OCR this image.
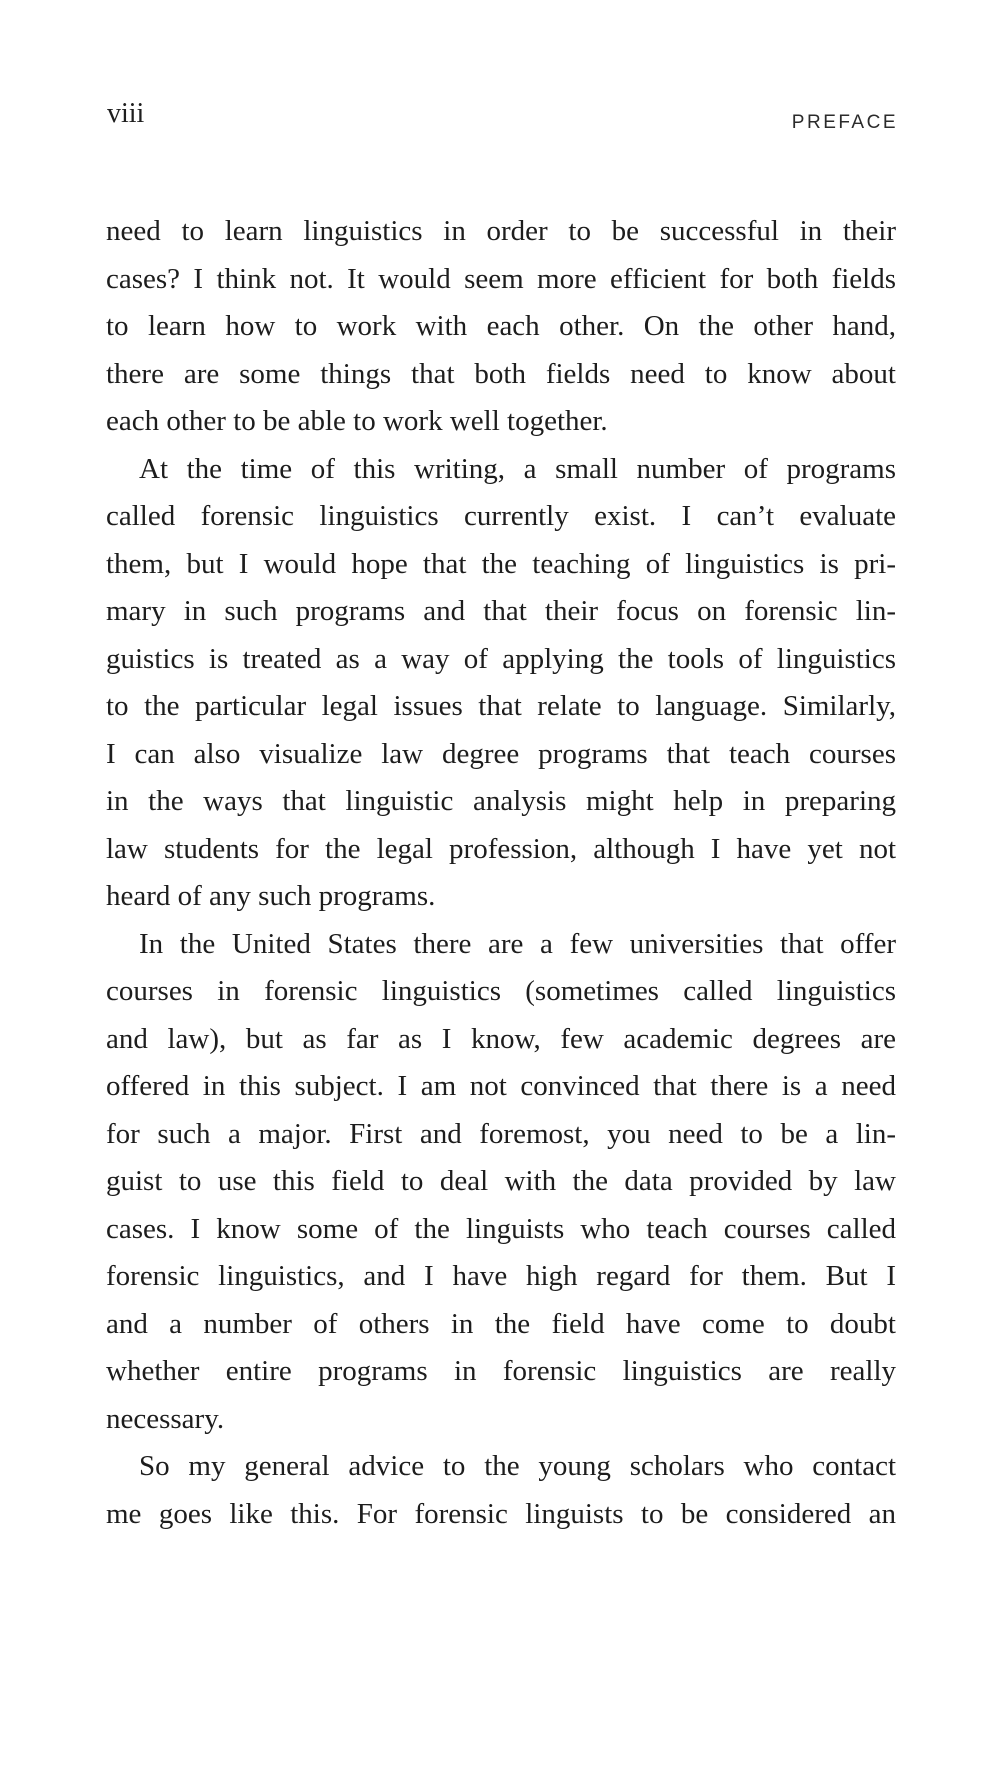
viii	PREFACE
need to learn linguistics in order to be successful in their
cases? I think not. It would seem more efficient for both fields
to learn how to work with each other. On the other hand,
there are some things that both fields need to know about
each other to be able to work well together.
At the time of this writing, a small number of programs
called forensic linguistics currently exist. I can’t evaluate
them, but I would hope that the teaching of linguistics is pri-
mary in such programs and that their focus on forensic lin-
guistics is treated as a way of applying the tools of linguistics
to the particular legal issues that relate to language. Similarly,
I can also visualize law degree programs that teach courses
in the ways that linguistic analysis might help in preparing
law students for the legal profession, although I have yet not
heard of any such programs.
In the United States there are a few universities that offer
courses in forensic linguistics (sometimes called linguistics
and law), but as far as I know, few academic degrees are
offered in this subject. I am not convinced that there is a need
for such a major. First and foremost, you need to be a lin-
guist to use this field to deal with the data provided by law
cases. I know some of the linguists who teach courses called
forensic linguistics, and I have high regard for them. But I
and a number of others in the field have come to doubt
whether entire programs in forensic linguistics are really
necessary.
So my general advice to the young scholars who contact
me goes like this. For forensic linguists to be considered an
